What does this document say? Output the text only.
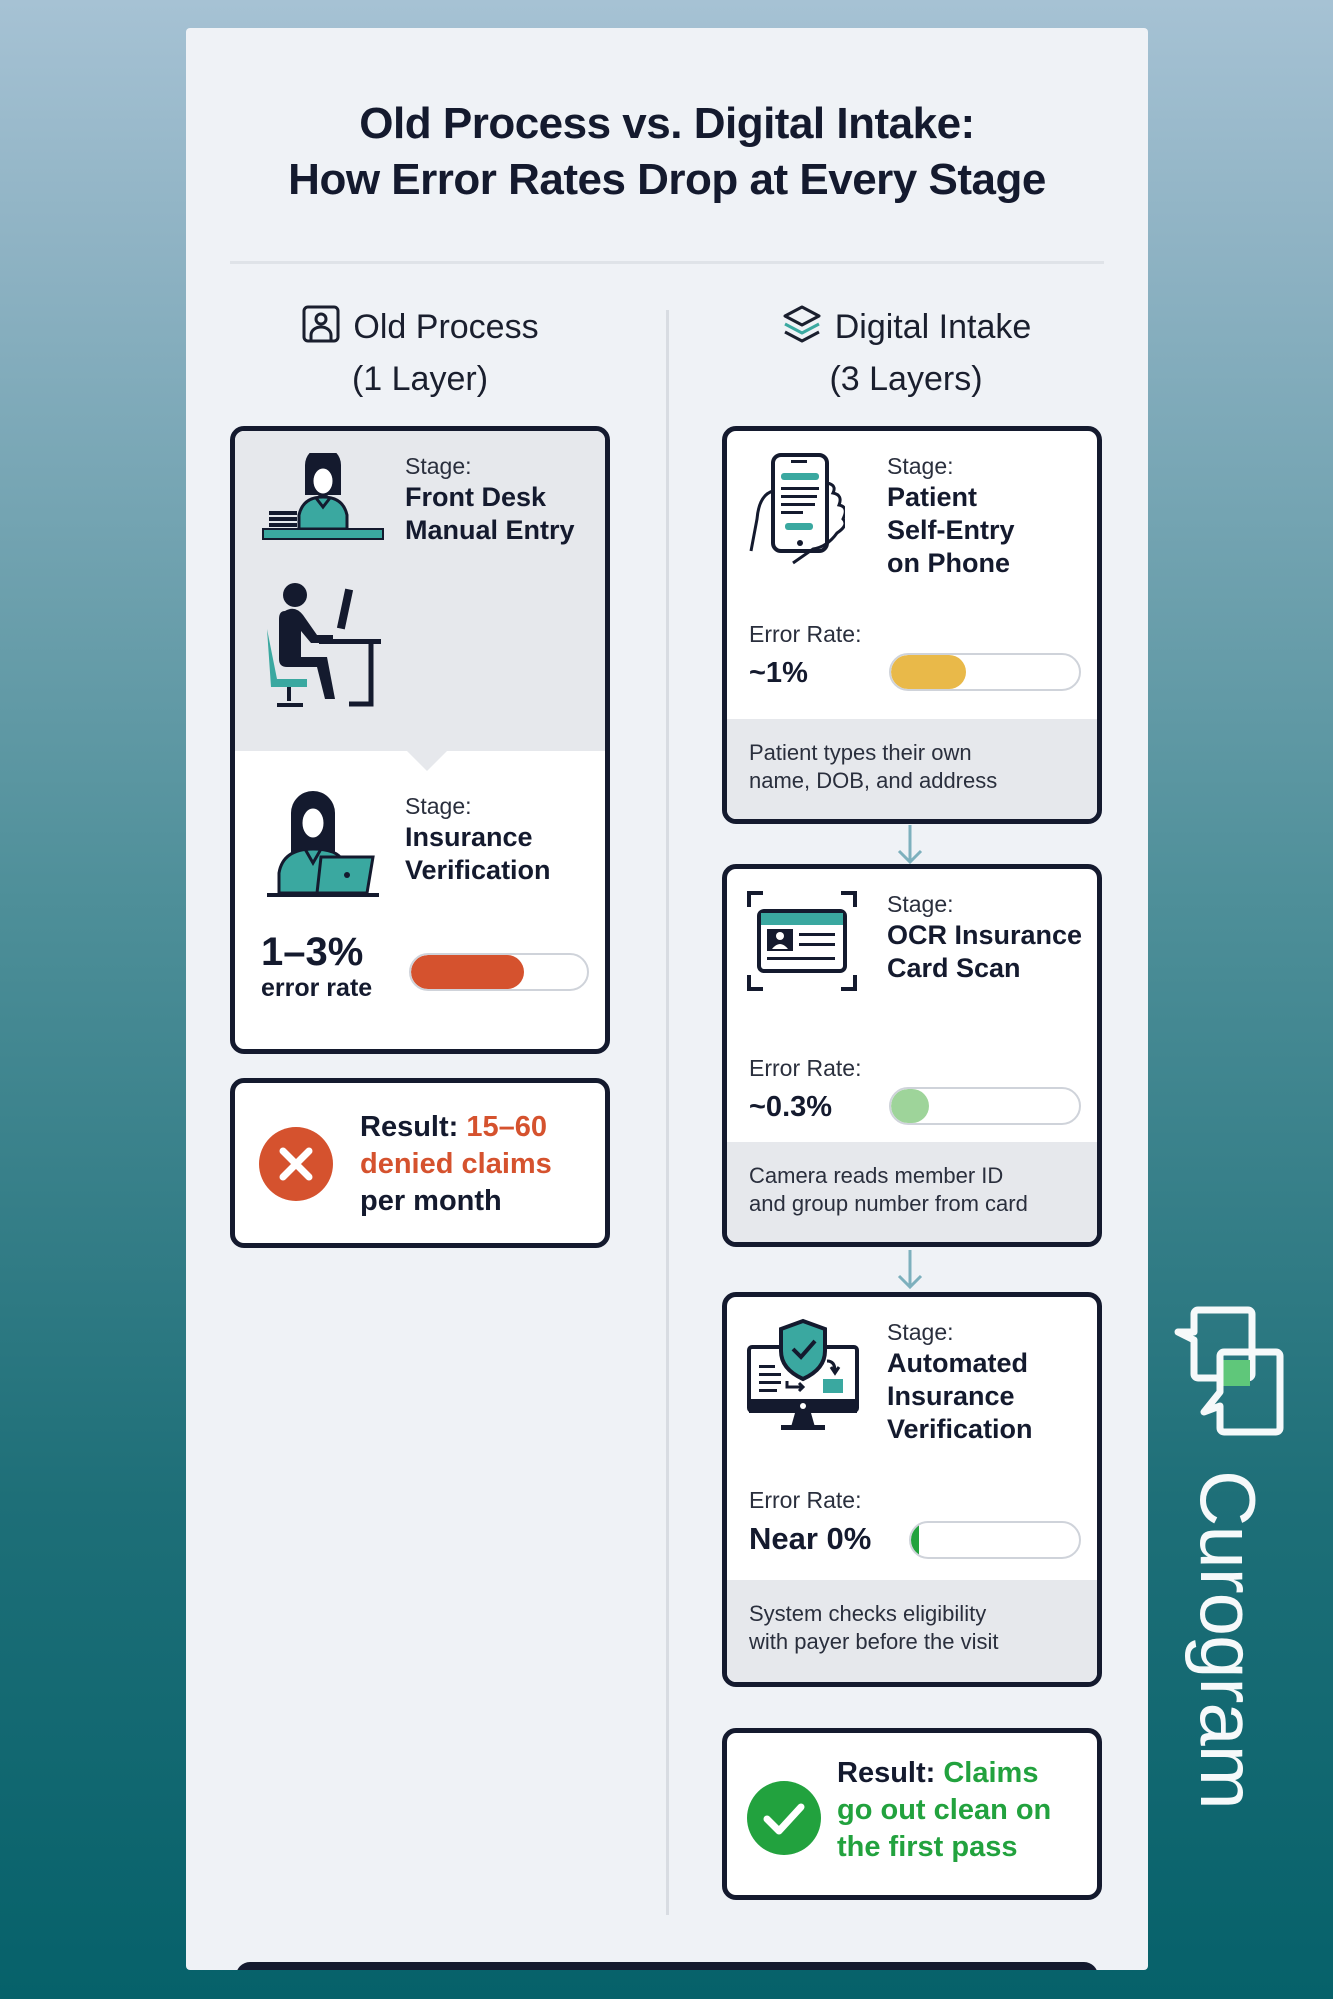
Old Process vs. Digital Intake:
How Error Rates Drop at Every Stage
Old Process
(1 Layer)
Digital Intake
(3 Layers)
Stage:
Front Desk
Manual Entry
Stage:
Insurance
Verification
1–3%
error rate
Result: 15–60
denied claims
per month
Stage:
Patient
Self-Entry
on Phone
Error Rate:
~1%
Patient types their own
name, DOB, and address
Stage:
OCR Insurance
Card Scan
Error Rate:
~0.3%
Camera reads member ID
and group number from card
Stage:
Automated
Insurance
Verification
Error Rate:
Near 0%
System checks eligibility
with payer before the visit
Result: Claims
go out clean on
the first pass
Curogram
